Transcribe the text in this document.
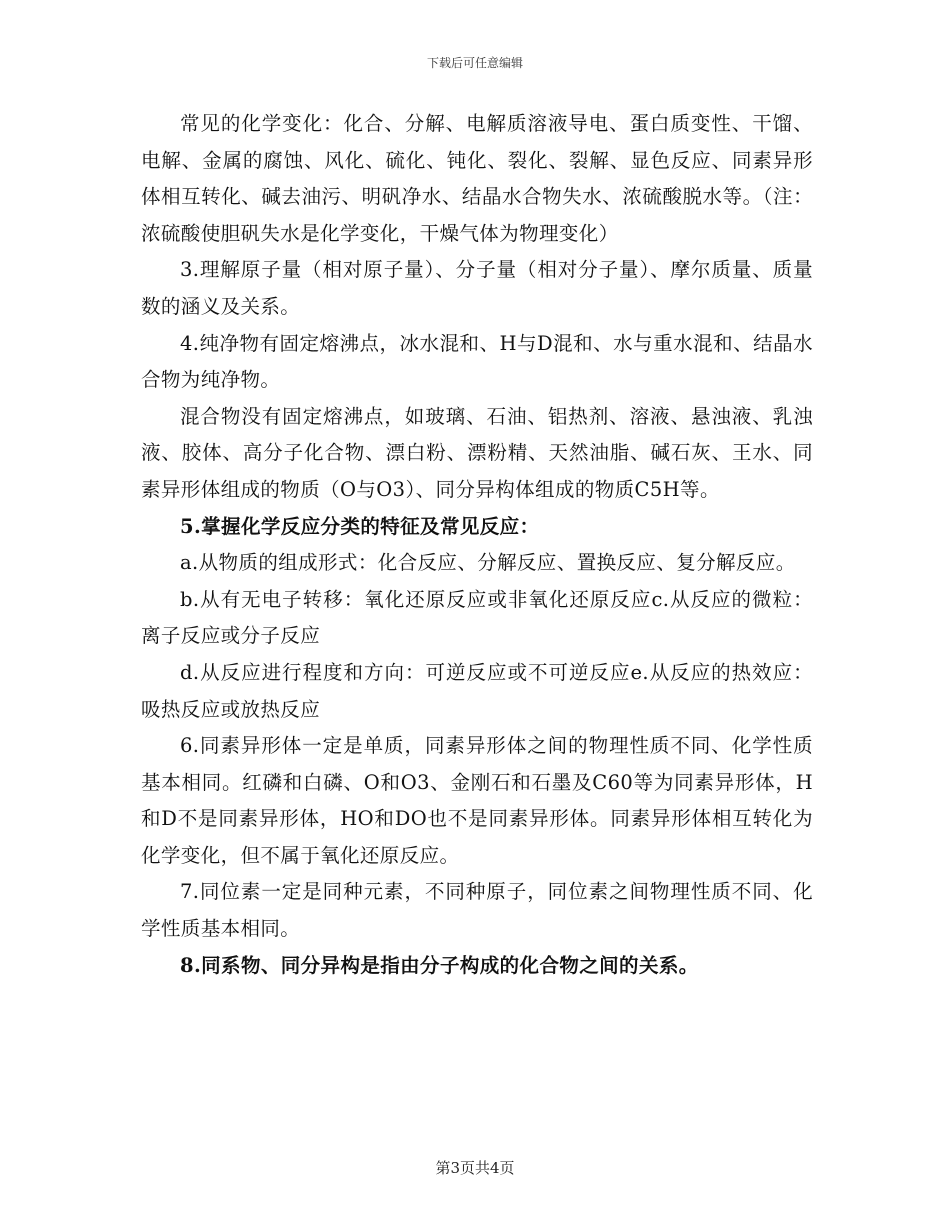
下载后可任意编辑

常见的化学变化：化合、分解、电解质溶液导电、蛋白质变性、干馏、电解、金属的腐蚀、风化、硫化、钝化、裂化、裂解、显色反应、同素异形体相互转化、碱去油污、明矾净水、结晶水合物失水、浓硫酸脱水等。（注：浓硫酸使胆矾失水是化学变化，干燥气体为物理变化）

3.理解原子量（相对原子量）、分子量（相对分子量）、摩尔质量、质量数的涵义及关系。

4.纯净物有固定熔沸点，冰水混和、H与D混和、水与重水混和、结晶水合物为纯净物。

混合物没有固定熔沸点，如玻璃、石油、铝热剂、溶液、悬浊液、乳浊液、胶体、高分子化合物、漂白粉、漂粉精、天然油脂、碱石灰、王水、同素异形体组成的物质（O与O3）、同分异构体组成的物质C5H等。

5.掌握化学反应分类的特征及常见反应：

a.从物质的组成形式：化合反应、分解反应、置换反应、复分解反应。

b.从有无电子转移：氧化还原反应或非氧化还原反应c.从反应的微粒：离子反应或分子反应

d.从反应进行程度和方向：可逆反应或不可逆反应e.从反应的热效应：吸热反应或放热反应

6.同素异形体一定是单质，同素异形体之间的物理性质不同、化学性质基本相同。红磷和白磷、O和O3、金刚石和石墨及C60等为同素异形体，H和D不是同素异形体，HO和DO也不是同素异形体。同素异形体相互转化为化学变化，但不属于氧化还原反应。

7.同位素一定是同种元素，不同种原子，同位素之间物理性质不同、化学性质基本相同。

8.同系物、同分异构是指由分子构成的化合物之间的关系。

第3页共4页
